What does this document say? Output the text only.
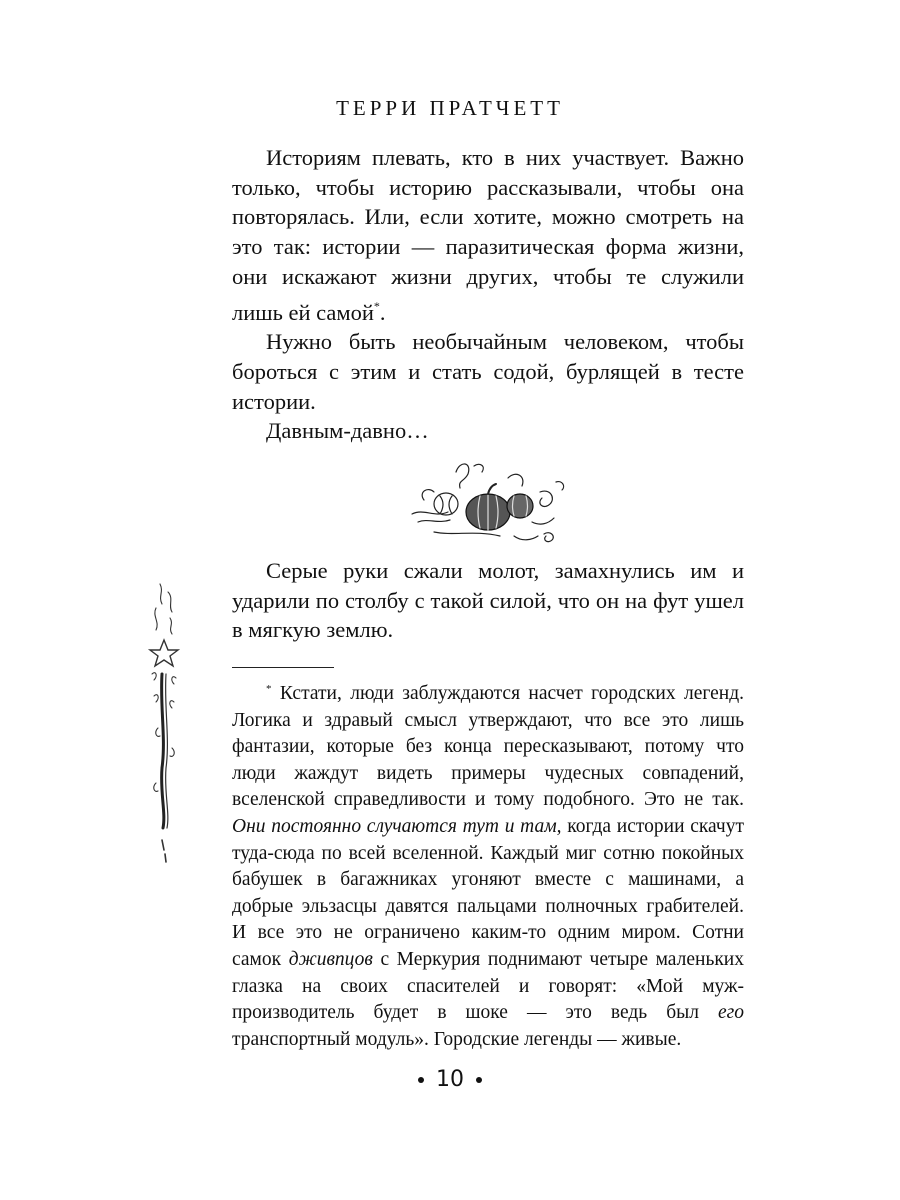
ТЕРРИ ПРАТЧЕТТ

Историям плевать, кто в них участвует. Важно только, чтобы историю рассказывали, чтобы она повторялась. Или, если хотите, можно смотреть на это так: истории — паразитическая форма жизни, они искажают жизни других, чтобы те служили лишь ей самой*.

Нужно быть необычайным человеком, чтобы бороться с этим и стать содой, бурлящей в тесте истории.

Давным-давно…

Серые руки сжали молот, замахнулись им и ударили по столбу с такой силой, что он на фут ушел в мягкую землю.

* Кстати, люди заблуждаются насчет городских легенд. Логика и здравый смысл утверждают, что все это лишь фантазии, которые без конца пересказывают, потому что люди жаждут видеть примеры чудесных совпадений, вселенской справедливости и тому подобного. Это не так. Они постоянно случаются тут и там, когда истории скачут туда-сюда по всей вселенной. Каждый миг сотню покойных бабушек в багажниках угоняют вместе с машинами, а добрые эльзасцы давятся пальцами полночных грабителей. И все это не ограничено каким-то одним миром. Сотни самок дживпцов с Меркурия поднимают четыре маленьких глазка на своих спасителей и говорят: «Мой муж-производитель будет в шоке — это ведь был его транспортный модуль». Городские легенды — живые.

10
